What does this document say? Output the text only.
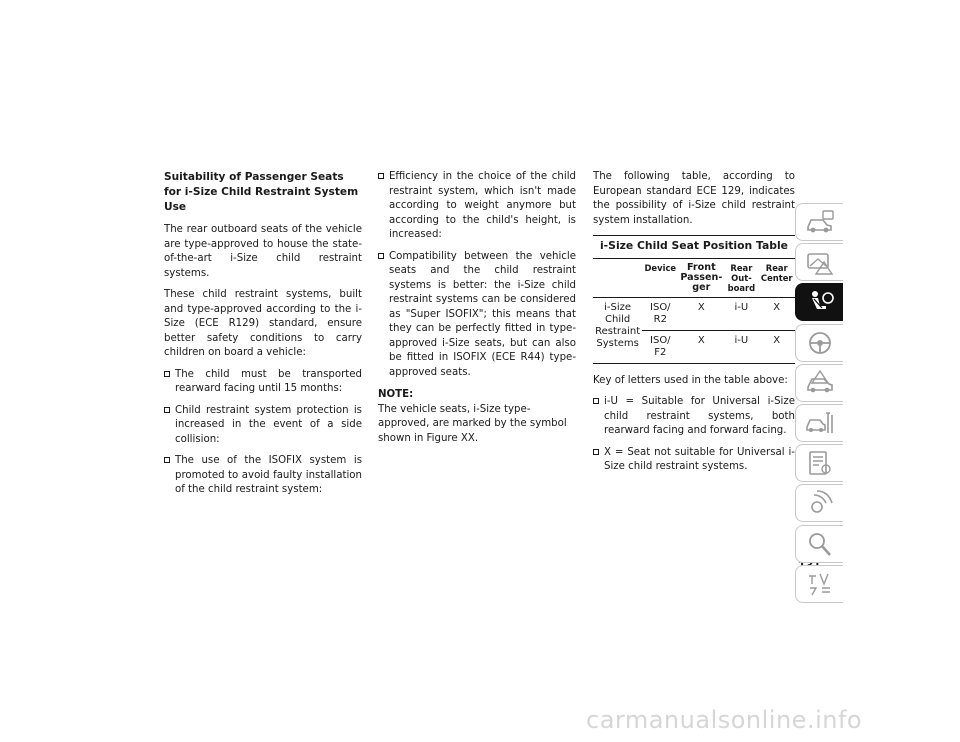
Suitability of Passenger Seats for i-Size Child Restraint System Use

The rear outboard seats of the vehicle are type-approved to house the state-of-the-art i-Size child restraint systems.

These child restraint systems, built and type-approved according to the i-Size (ECE R129) standard, ensure better safety conditions to carry children on board a vehicle:

The child must be transported rearward facing until 15 months:
Child restraint system protection is increased in the event of a side collision:
The use of the ISOFIX system is promoted to avoid faulty installation of the child restraint system:
Efficiency in the choice of the child restraint system, which isn't made according to weight anymore but according to the child's height, is increased:
Compatibility between the vehicle seats and the child restraint systems is better: the i-Size child restraint systems can be considered as "Super ISOFIX"; this means that they can be perfectly fitted in type-approved i-Size seats, but can also be fitted in ISOFIX (ECE R44) type-approved seats.
NOTE:
The vehicle seats, i-Size type-approved, are marked by the symbol shown in Figure XX.

The following table, according to European standard ECE 129, indicates the possibility of i-Size child restraint system installation.

i-Size Child Seat Position Table
	Device	Front Passen-ger	Rear Out-board	Rear Center
i-Size Child Restraint Systems	ISO/ R2	X	i-U	X
	ISO/ F2	X	i-U	X

Key of letters used in the table above:

i-U = Suitable for Universal i-Size child restraint systems, both rearward facing and forward facing.
X = Seat not suitable for Universal i-Size child restraint systems.
carmanualsonline.info
